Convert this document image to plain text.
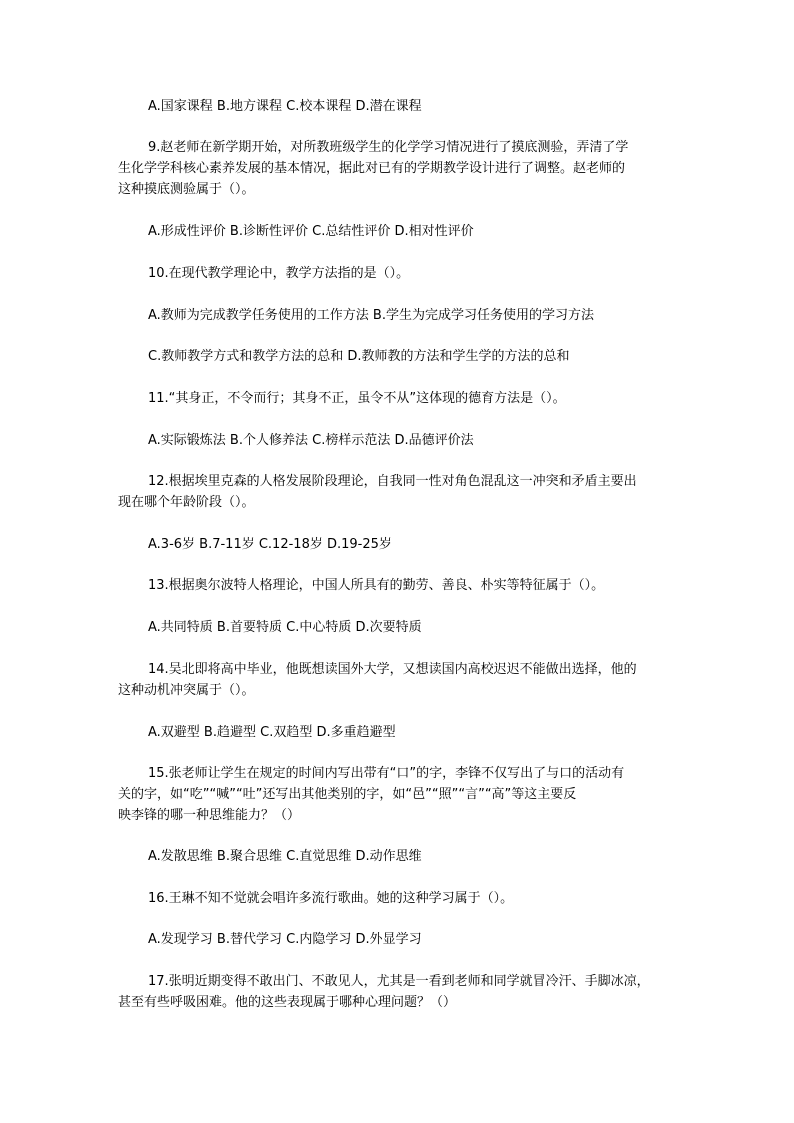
A.国家课程 B.地方课程 C.校本课程 D.潜在课程

9.赵老师在新学期开始，对所教班级学生的化学学习情况进行了摸底测验，弄清了学
生化学学科核心素养发展的基本情况，据此对已有的学期教学设计进行了调整。赵老师的
这种摸底测验属于（）。

A.形成性评价 B.诊断性评价 C.总结性评价 D.相对性评价

10.在现代教学理论中，教学方法指的是（）。

A.教师为完成教学任务使用的工作方法 B.学生为完成学习任务使用的学习方法

C.教师教学方式和教学方法的总和 D.教师教的方法和学生学的方法的总和

11.“其身正，不令而行；其身不正，虽令不从”这体现的德育方法是（）。

A.实际锻炼法 B.个人修养法 C.榜样示范法 D.品德评价法

12.根据埃里克森的人格发展阶段理论，自我同一性对角色混乱这一冲突和矛盾主要出
现在哪个年龄阶段（）。

A.3-6岁 B.7-11岁 C.12-18岁 D.19-25岁

13.根据奥尔波特人格理论，中国人所具有的勤劳、善良、朴实等特征属于（）。

A.共同特质 B.首要特质 C.中心特质 D.次要特质

14.吴北即将高中毕业，他既想读国外大学，又想读国内高校迟迟不能做出选择，他的
这种动机冲突属于（）。

A.双避型 B.趋避型 C.双趋型 D.多重趋避型

15.张老师让学生在规定的时间内写出带有“口”的字，李锋不仅写出了与口的活动有
关的字，如“吃”“喊”“吐”还写出其他类别的字，如“邑”“照”“言”“高”等这主要反
映李锋的哪一种思维能力？（）

A.发散思维 B.聚合思维 C.直觉思维 D.动作思维

16.王琳不知不觉就会唱许多流行歌曲。她的这种学习属于（）。

A.发现学习 B.替代学习 C.内隐学习 D.外显学习

17.张明近期变得不敢出门、不敢见人，尤其是一看到老师和同学就冒冷汗、手脚冰凉，
甚至有些呼吸困难。他的这些表现属于哪种心理问题？（）
